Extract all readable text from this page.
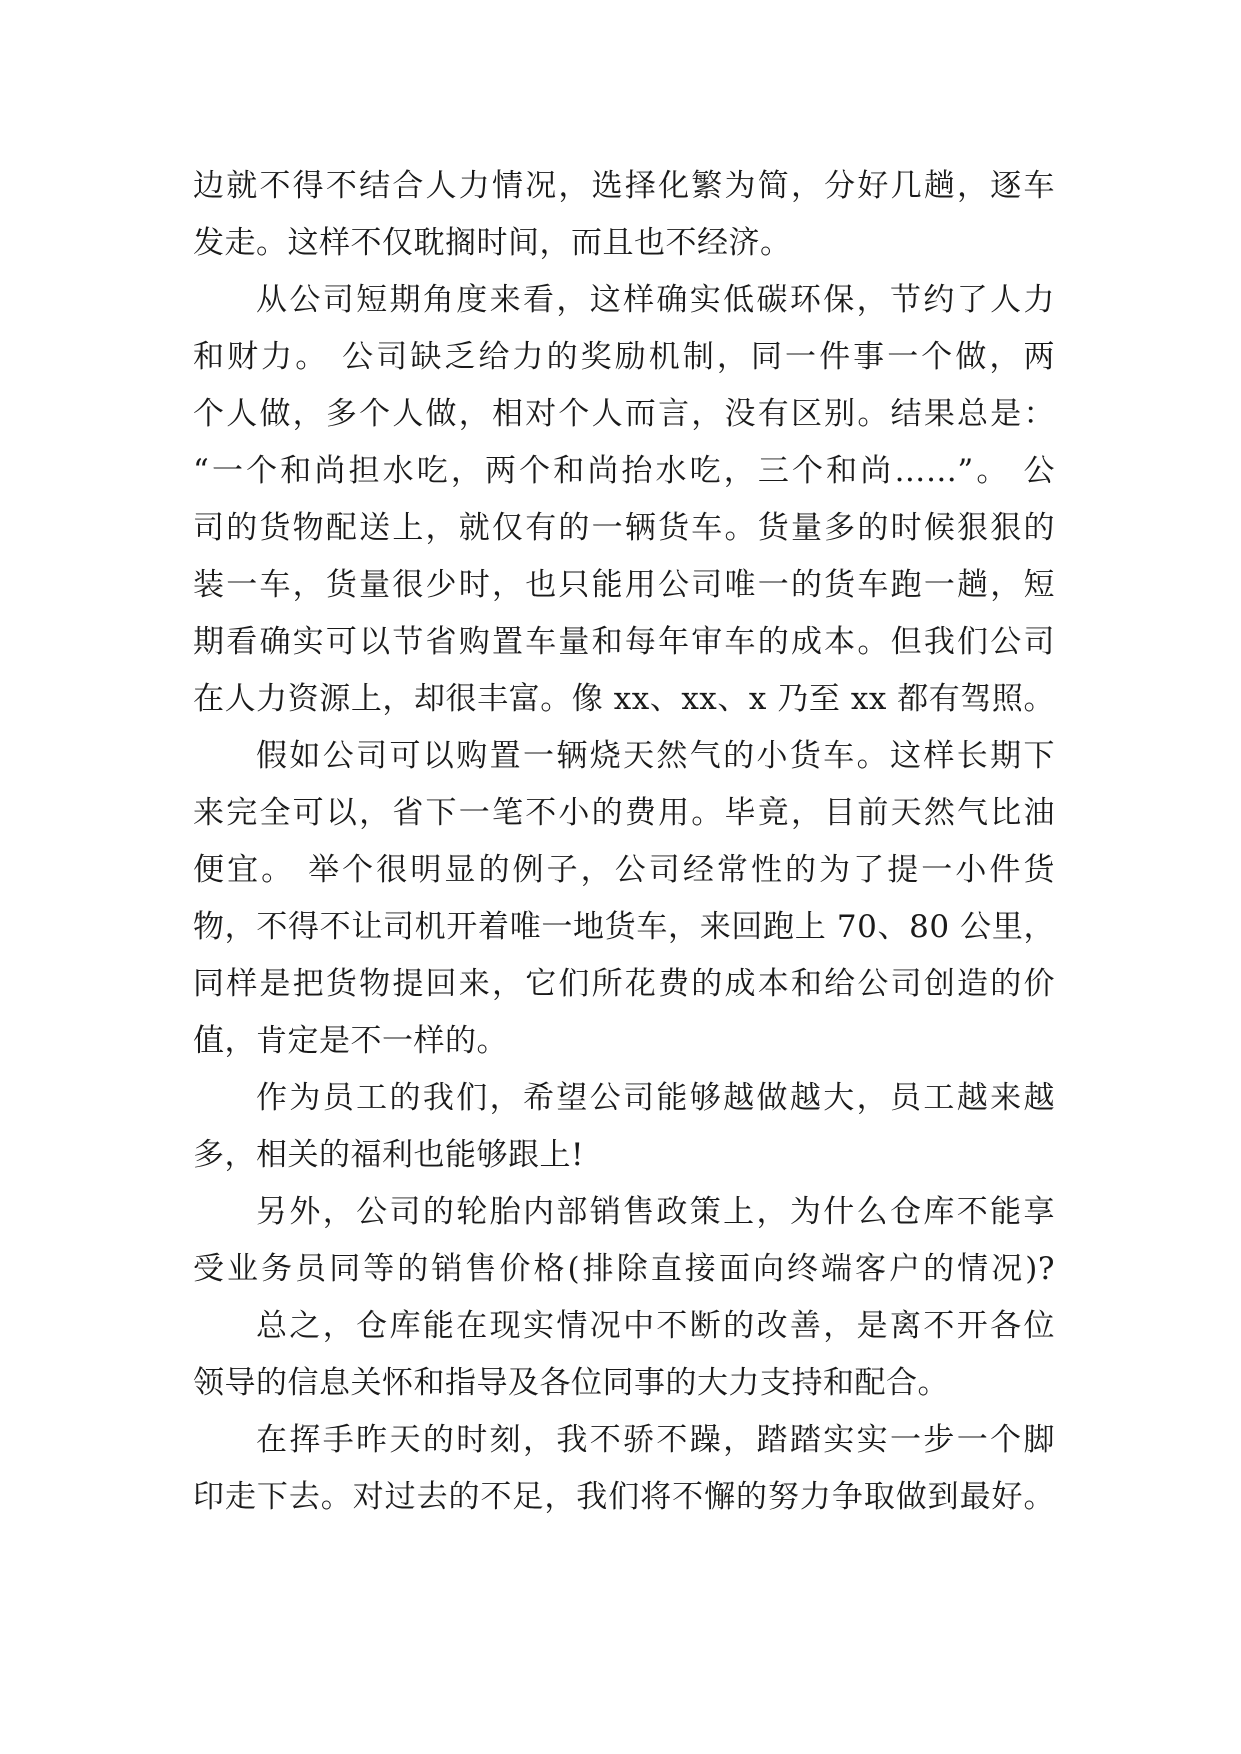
边就不得不结合人力情况，选择化繁为简，分好几趟，逐车
发走。这样不仅耽搁时间，而且也不经济。
从公司短期角度来看，这样确实低碳环保，节约了人力
和财力。 公司缺乏给力的奖励机制，同一件事一个做，两
个人做，多个人做，相对个人而言，没有区别。结果总是：
“一个和尚担水吃，两个和尚抬水吃，三个和尚……”。 公
司的货物配送上，就仅有的一辆货车。货量多的时候狠狠的
装一车，货量很少时，也只能用公司唯一的货车跑一趟，短
期看确实可以节省购置车量和每年审车的成本。但我们公司
在人力资源上，却很丰富。像 xx、xx、x 乃至 xx 都有驾照。
假如公司可以购置一辆烧天然气的小货车。这样长期下
来完全可以，省下一笔不小的费用。毕竟，目前天然气比油
便宜。 举个很明显的例子，公司经常性的为了提一小件货
物，不得不让司机开着唯一地货车，来回跑上 70、80 公里，
同样是把货物提回来，它们所花费的成本和给公司创造的价
值，肯定是不一样的。
作为员工的我们，希望公司能够越做越大，员工越来越
多，相关的福利也能够跟上!
另外，公司的轮胎内部销售政策上，为什么仓库不能享
受业务员同等的销售价格(排除直接面向终端客户的情况)?
总之，仓库能在现实情况中不断的改善，是离不开各位
领导的信息关怀和指导及各位同事的大力支持和配合。
在挥手昨天的时刻，我不骄不躁，踏踏实实一步一个脚
印走下去。对过去的不足，我们将不懈的努力争取做到最好。
